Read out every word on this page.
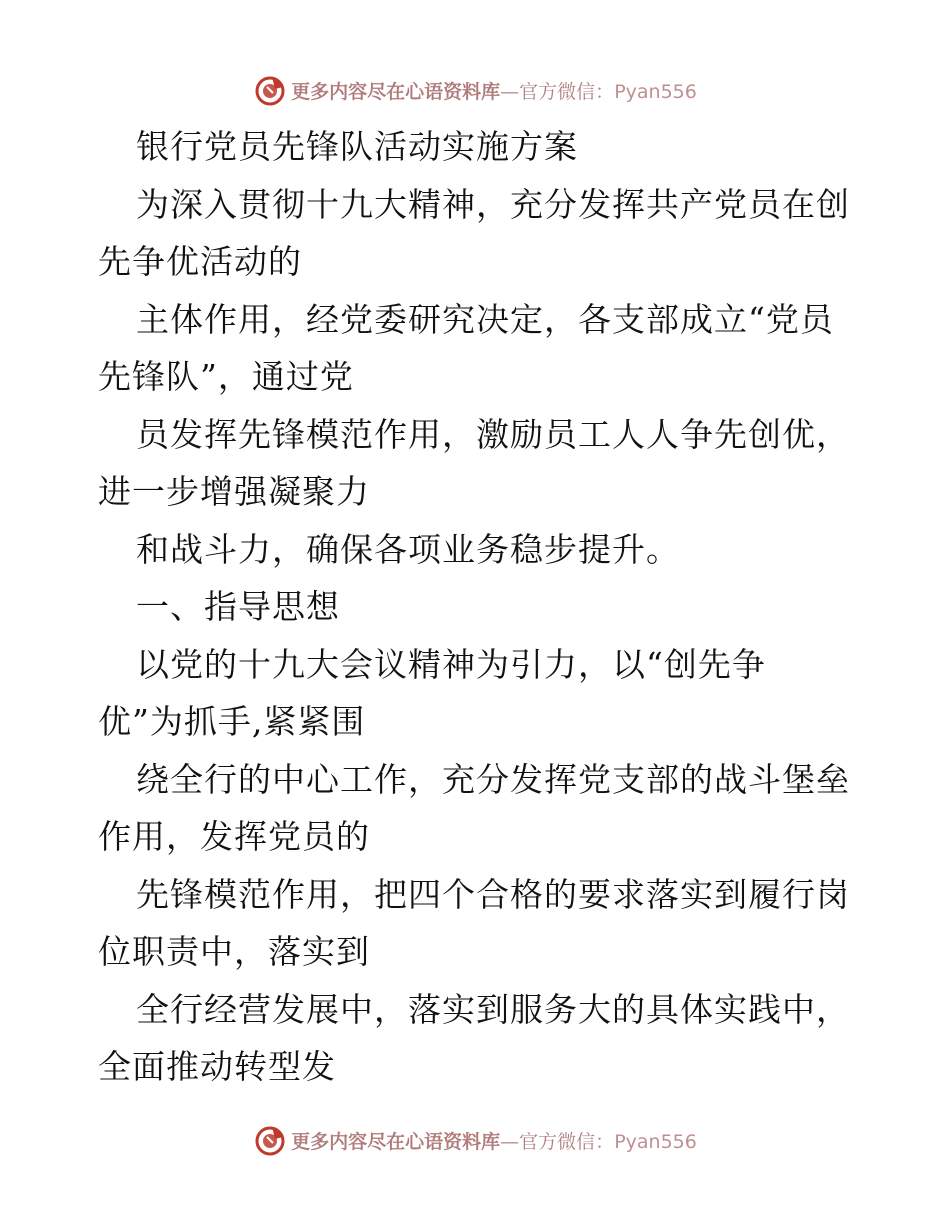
更多内容尽在心语资料库—官方微信：Pyan556
银行党员先锋队活动实施方案
为深入贯彻十九大精神，充分发挥共产党员在创
先争优活动的
主体作用，经党委研究决定，各支部成立“党员
先锋队”，通过党
员发挥先锋模范作用，激励员工人人争先创优，
进一步增强凝聚力
和战斗力，确保各项业务稳步提升。
一、指导思想
以党的十九大会议精神为引力，以“创先争
优”为抓手,紧紧围
绕全行的中心工作，充分发挥党支部的战斗堡垒
作用，发挥党员的
先锋模范作用，把四个合格的要求落实到履行岗
位职责中，落实到
全行经营发展中，落实到服务大的具体实践中，
全面推动转型发
更多内容尽在心语资料库—官方微信：Pyan556
